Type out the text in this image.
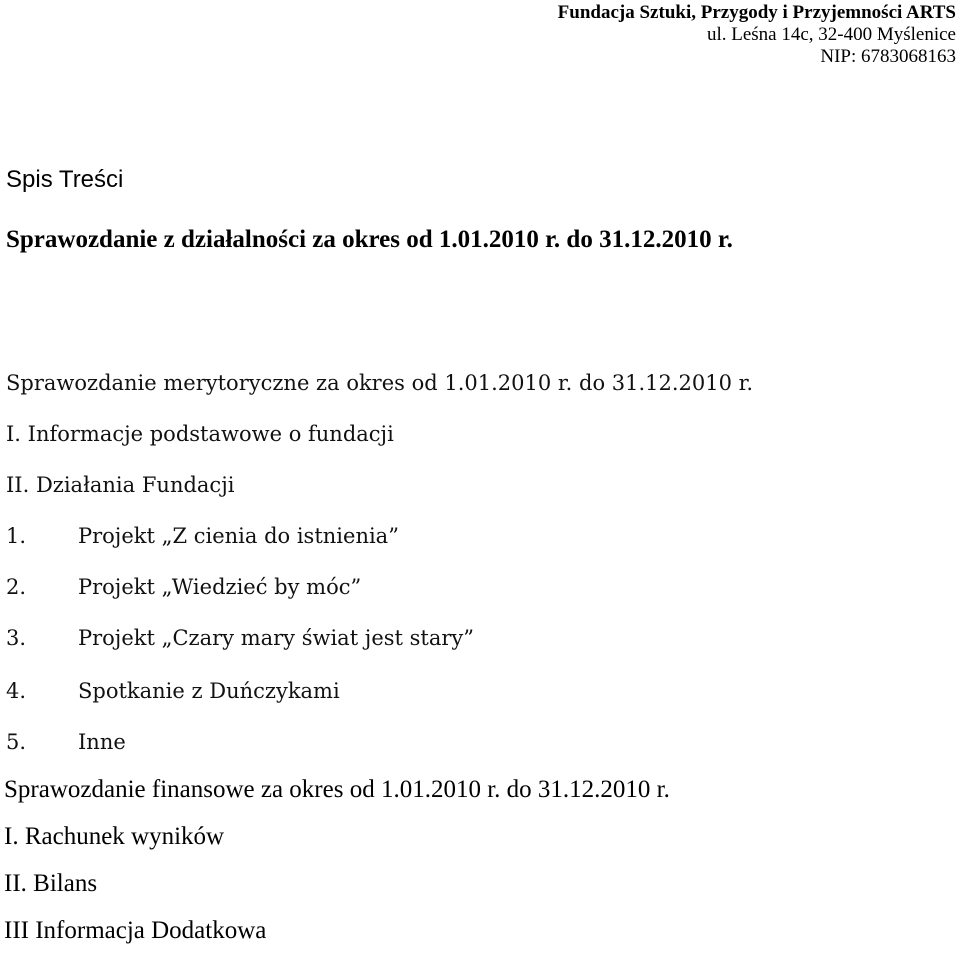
Fundacja Sztuki, Przygody i Przyjemności ARTS
ul. Leśna 14c, 32-400 Myślenice
NIP: 6783068163
Spis Treści
Sprawozdanie z działalności za okres od 1.01.2010 r. do 31.12.2010 r.
Sprawozdanie merytoryczne za okres od 1.01.2010 r. do 31.12.2010 r.
I. Informacje podstawowe o fundacji
II. Działania Fundacji
1. Projekt „Z cienia do istnienia”
2. Projekt „Wiedzieć by móc”
3. Projekt „Czary mary świat jest stary”
4. Spotkanie z Duńczykami
5. Inne
Sprawozdanie finansowe za okres od 1.01.2010 r. do 31.12.2010 r.
I. Rachunek wyników
II. Bilans
III Informacja Dodatkowa
